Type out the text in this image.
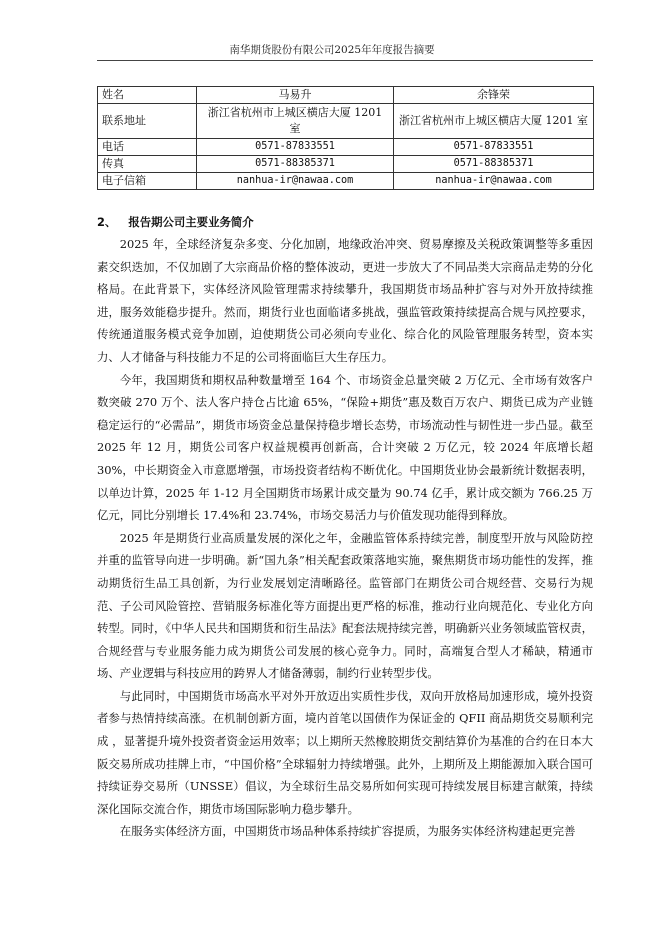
南华期货股份有限公司2025年年度报告摘要
姓名	马易升	余锋荣
联系地址	浙江省杭州市上城区横店大厦 1201 室	浙江省杭州市上城区横店大厦 1201 室
电话	0571-87833551	0571-87833551
传真	0571-88385371	0571-88385371
电子信箱	nanhua-ir@nawaa.com	nanhua-ir@nawaa.com
2、 报告期公司主要业务简介

2025 年，全球经济复杂多变、分化加剧，地缘政治冲突、贸易摩擦及关税政策调整等多重因素交织迭加，不仅加剧了大宗商品价格的整体波动，更进一步放大了不同品类大宗商品走势的分化格局。在此背景下，实体经济风险管理需求持续攀升，我国期货市场品种扩容与对外开放持续推进，服务效能稳步提升。然而，期货行业也面临诸多挑战，强监管政策持续提高合规与风控要求，传统通道服务模式竞争加剧，迫使期货公司必须向专业化、综合化的风险管理服务转型，资本实力、人才储备与科技能力不足的公司将面临巨大生存压力。

今年，我国期货和期权品种数量增至 164 个、市场资金总量突破 2 万亿元、全市场有效客户数突破 270 万个、法人客户持仓占比逾 65%，“保险+期货”惠及数百万农户、期货已成为产业链稳定运行的“必需品”，期货市场资金总量保持稳步增长态势，市场流动性与韧性进一步凸显。截至 2025 年 12 月，期货公司客户权益规模再创新高，合计突破 2 万亿元，较 2024 年底增长超 30%，中长期资金入市意愿增强，市场投资者结构不断优化。中国期货业协会最新统计数据表明，以单边计算，2025 年 1-12 月全国期货市场累计成交量为 90.74 亿手，累计成交额为 766.25 万亿元，同比分别增长 17.4%和 23.74%，市场交易活力与价值发现功能得到释放。

2025 年是期货行业高质量发展的深化之年，金融监管体系持续完善，制度型开放与风险防控并重的监管导向进一步明确。新“国九条”相关配套政策落地实施，聚焦期货市场功能性的发挥，推动期货衍生品工具创新，为行业发展划定清晰路径。监管部门在期货公司合规经营、交易行为规范、子公司风险管控、营销服务标准化等方面提出更严格的标准，推动行业向规范化、专业化方向转型。同时，《中华人民共和国期货和衍生品法》配套法规持续完善，明确新兴业务领域监管权责，合规经营与专业服务能力成为期货公司发展的核心竞争力。同时，高端复合型人才稀缺，精通市场、产业逻辑与科技应用的跨界人才储备薄弱，制约行业转型步伐。

与此同时，中国期货市场高水平对外开放迈出实质性步伐，双向开放格局加速形成，境外投资者参与热情持续高涨。在机制创新方面，境内首笔以国债作为保证金的 QFII 商品期货交易顺利完成 ，显著提升境外投资者资金运用效率；以上期所天然橡胶期货交割结算价为基准的合约在日本大阪交易所成功挂牌上市，“中国价格”全球辐射力持续增强。此外，上期所及上期能源加入联合国可持续证券交易所（UNSSE）倡议，为全球衍生品交易所如何实现可持续发展目标建言献策，持续深化国际交流合作，期货市场国际影响力稳步攀升。

在服务实体经济方面，中国期货市场品种体系持续扩容提质，为服务实体经济构建起更完善
